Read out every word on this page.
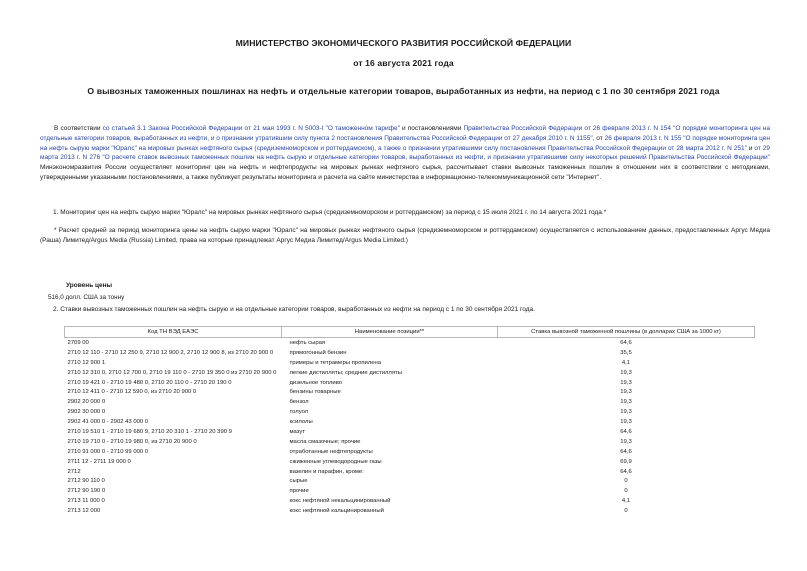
МИНИСТЕРСТВО ЭКОНОМИЧЕСКОГО РАЗВИТИЯ РОССИЙСКОЙ ФЕДЕРАЦИИ
от 16 августа 2021 года
О вывозных таможенных пошлинах на нефть и отдельные категории товаров, выработанных из нефти, на период с 1 по 30 сентября 2021 года
В соответствии со статьей 3.1 Закона Российской Федерации от 21 мая 1993 г. N 5003-I "О таможенном тарифе" и постановлениями Правительства Российской Федерации от 26 февраля 2013 г. N 154 "О порядке мониторинга цен на отдельные категории товаров, выработанных из нефти, и о признании утратившим силу пункта 2 постановления Правительства Российской Федерации от 27 декабря 2010 г. N 1155", от 26 февраля 2013 г. N 155 "О порядке мониторинга цен на нефть сырую марки "Юралс" на мировых рынках нефтяного сырья (средиземноморском и роттердамском), а также о признании утратившими силу постановления Правительства Российской Федерации от 28 марта 2012 г. N 251" и от 29 марта 2013 г. N 276 "О расчете ставок вывозных таможенных пошлин на нефть сырую и отдельные категории товаров, выработанных из нефти, и признании утратившими силу некоторых решений Правительства Российской Федерации" Минэкономразвития России осуществляет мониторинг цен на нефть и нефтепродукты на мировых рынках нефтяного сырья, рассчитывает ставки вывозных таможенных пошлин в отношении них в соответствии с методиками, утвержденными указанными постановлениями, а также публикует результаты мониторинга и расчета на сайте министерства в информационно-телекоммуникационной сети "Интернет".
1. Мониторинг цен на нефть сырую марки "Юралс" на мировых рынках нефтяного сырья (средиземноморском и роттердамском) за период с 15 июля 2021 г. по 14 августа 2021 года.*
* Расчет средней за период мониторинга цены на нефть сырую марки "Юралс" на мировых рынках нефтяного сырья (средиземноморском и роттердамском) осуществляется с использованием данных, предоставленных Аргус Медиа (Раша) Лимитед/Argus Media (Russia) Limited, права на которые принадлежат Аргус Медиа Лимитед/Argus Media Limited.)
Уровень цены
516,0 долл. США за тонну
2. Ставки вывозных таможенных пошлин на нефть сырую и на отдельные категории товаров, выработанных из нефти на период с 1 по 30 сентября 2021 года.
Код ТН ВЭД ЕАЭС	Наименование позиции**	Ставка вывозной таможенной пошлины (в долларах США за 1000 кг)
2709 00	нефть сырая	64,6
2710 12 110 - 2710 12 250 9, 2710 12 900 2, 2710 12 900 8, из 2710 20 900 0	прямогонный бензин	35,5
2710 12 900 1	тримеры и тетрамеры пропилена	4,1
2710 12 310 0, 2710 12 700 0, 2710 19 110 0 - 2710 19 350 0 из 2710 20 900 0	легкие дистилляты; средние дистилляты	19,3
2710 19 421 0 - 2710 19 480 0, 2710 20 110 0 - 2710 20 190 0	дизельное топливо	19,3
2710 12 411 0 - 2710 12 590 0, из 2710 20 900 0	бензины товарные	19,3
2902 20 000 0	бензол	19,3
2902 30 000 0	толуол	19,3
2902 41 000 0 - 2902 43 000 0	ксилолы	19,3
2710 19 510 1 - 2710 19 680 9, 2710 20 310 1 - 2710 20 390 9	мазут	64,6
2710 19 710 0 - 2710 19 980 0, из 2710 20 900 0	масла смазочные; прочие	19,3
2710 91 000 0 - 2710 99 000 0	отработанные нефтепродукты	64,6
2711 12 - 2711 19 000 0	сжиженные углеводородные газы	69,9
2712	вазелин и парафин, кроме:	64,6
2712 90 110 0	сырые	0
2712 90 190 0	прочие	0
2713 11 000 0	кокс нефтяной некальцинированный	4,1
2713 12 000	кокс нефтяной кальцинированный	0
